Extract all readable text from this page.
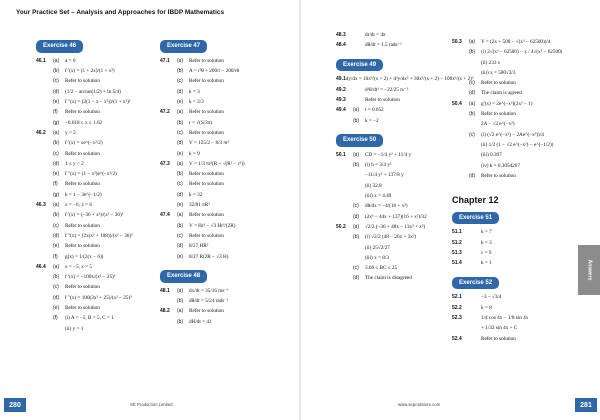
Your Practice Set – Analysis and Approaches for IBDP Mathematics
Exercise 46
46.1	(a)	a = 0
(b)	f ′(x) = (1 + 2x)/(1 + x²)
(c)	Refer to solution
(d)	(1/2 − arctan(1/2) + ln 5/4)
(e)	f ″(x) = (2(1 − x − x²))/(1 + x²)²
(f)	Refer to solution
(g)	−0.618 ≤ x ≤ 1.62
46.2	(a)	y = 2
(b)	f ′(x) = xe^(−x²/2)
(c)	Refer to solution
(d)	1 ≤ y < 2
(e)	f ″(x) = (1 − x²)e^(−x²/2)
(f)	Refer to solution
(g)	k = 1 − 3e^(−1/2)
46.3	(a)	x = −6, x = 6
(b)	f ′(x) = (−36 + x²)/(x² − 36)²
(c)	Refer to solution
(d)	f ″(x) = (2x(x² + 108))/(x² − 36)³
(e)	Refer to solution
(f)	g(x) = 1/(2(x − 6))
46.4	(a)	x = −5, x = 5
(b)	f ′(x) = −100x/(x² − 25)²
(c)	Refer to solution
(d)	f ″(x) = 100(3x² + 25)/(x² − 25)³
(e)	Refer to solution
(f)	(i) A = −5, B = 5, C = 1
(ii) y = 1
Exercise 47
47.1	(a)	Refer to solution
(b)	A = r²θ + 200/r − 200/rθ
(c)	Refer to solution
(d)	k = 3
(e)	k = 2/3
47.2	(a)	Refer to solution
(b)	r = √(S/3π)
(c)	Refer to solution
(d)	V = 125/2 − 8/3 πr³
(e)	k = 9
47.3	(a)	V = 1/3 πr²(R + √(R² − r²))
(b)	Refer to solution
(c)	Refer to solution
(d)	k = 32
(e)	32/81 πR³
47.4	(a)	Refer to solution
(b)	V = Hr² − √3 Hr³/(2R)
(c)	Refer to solution
(d)	8/27 HR²
(e)	8/27 R(2R − √3 H)
Exercise 48
48.1	(a)	dx/dt = 35/16 ms⁻¹
(b)	dθ/dt = 5/24 rads⁻¹
48.2	(a)	Refer to solution
(b)	dH/dt = 41
48.3	dr/dt = 4π
48.4	dθ/dt = 1.5 rads⁻¹
Exercise 49
49.1 dy/dx = 10x³/(x + 2) + d²y/dx² + 30x²/(x + 2) − 100x³/(x + 2)²
49.2	d²θ/dt² = −22/25 rs⁻²
49.3	Refer to solution
49.4	(a)	t = 0.652
(b)	k = −2
Exercise 50
50.1	(a)	CD = −1/4 y² + 11/4 y
(b)	(i) h = 3/4 y²
−11/4 y² + 137/8 y
(ii) 32.8
(iii) x = 4.49
(c)	dθ/dx = −4/(16 + x²)
(d)	(2x³ − 44x + 137)(16 + x²)/32
50.2	(a)	√2/2 (−36 + 48x − 13x² + x³)
(b)	(i) √2/2 (48 − 26x + 3x²)
(ii) 25√2/27
(iii) x = 8/3
(c)	3.06 ≤ BC ≤ 25
(d)	The claim is disagreed
50.3	(a)	Y = (2x + 500 − √(x² − 62500))/4
(b)	(i) 2√(x² − 62500) − x / 4√(x² − 62500)
(ii) 233 s
(iii) x = 500√3/3
(c)	Refer to solution
(d)	The claim is agreed
50.4	(a)	g′(x) = 2e^(−x²)(2x² − 1)
(b)	Refer to solution
2A − √2 e^(−x²)
(c)	(i) (√2 e^(−x²) − 2Ae^(−x²))/4
(ii) 1/2 (1 − √2 e^(−x²) − e^(−1/2))
(iii) 0.397
(iv) k = 0.3054267
(d)	Refer to solution
Chapter 12
Exercise 51
51.1	k = 7
51.2	k = 3
51.3	c = 9
51.4	k = 1
Exercise 52
52.1	−3 − √3/4
52.2	k = 8
52.3	1/4 cos 4x − 1/8 sin 4x
+ 1/32 sin 4x + C
52.4	Refer to solution
Answers
280	SE Production Limited	www.seprodstore.com	281
